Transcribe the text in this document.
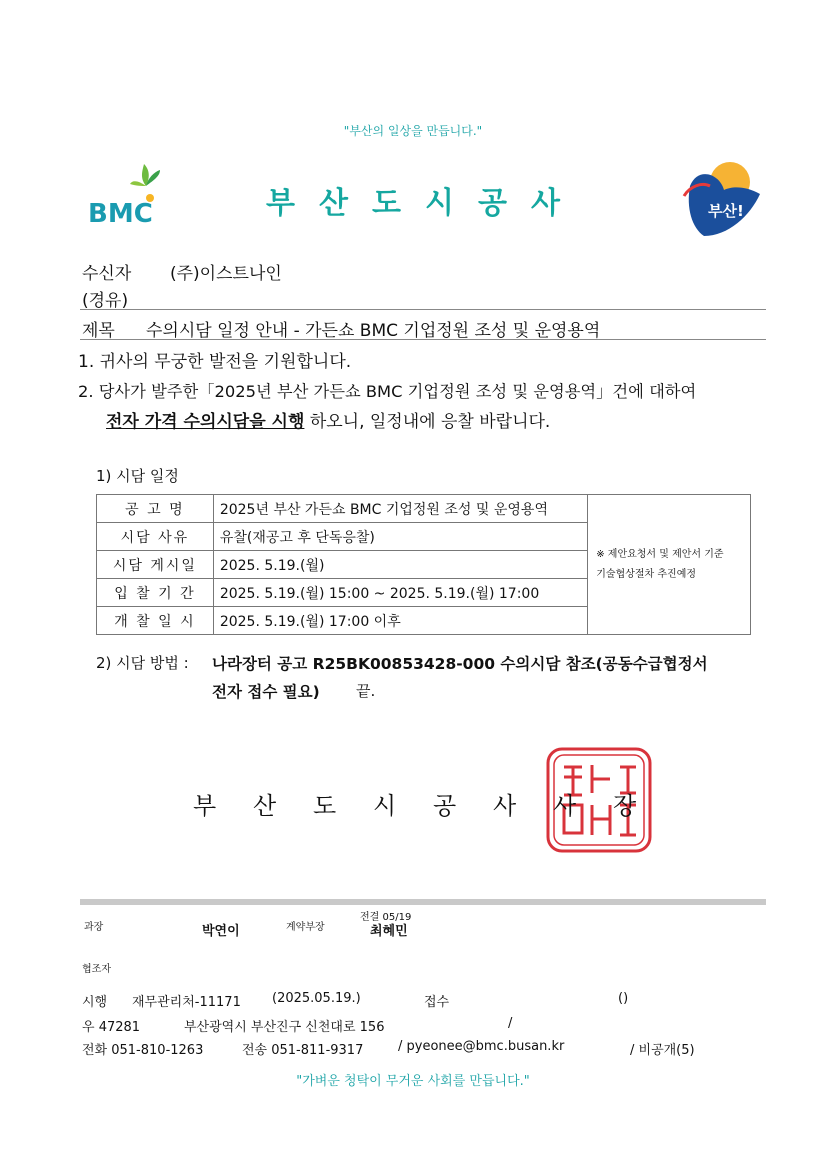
"부산의 일상을 만듭니다."
BMC	부산도시공사	부산!
수신자 (주)이스트나인
(경유)
제목 수의시담 일정 안내 - 가든쇼 BMC 기업정원 조성 및 운영용역
1. 귀사의 무궁한 발전을 기원합니다.
2. 당사가 발주한「2025년 부산 가든쇼 BMC 기업정원 조성 및 운영용역」건에 대하여
전자 가격 수의시담을 시행 하오니, 일정내에 응찰 바랍니다.
1) 시담 일정
공 고 명	2025년 부산 가든쇼 BMC 기업정원 조성 및 운영용역	※ 제안요청서 및 제안서 기준
기술협상절차 추진예정

시담 사유	유찰(재공고 후 단독응찰)	
시담 게시일	2025. 5.19.(월)	
입 찰 기 간	2025. 5.19.(월) 15:00 ~ 2025. 5.19.(월) 17:00	
개 찰 일 시	2025. 5.19.(월) 17:00 이후	
2) 시담 방법 : 나라장터 공고 R25BK00853428-000 수의시담 참조(공동수급협정서
전자 접수 필요) 끝.
부 산 도 시 공 사 사 장
과장	박연이	계약부장
전결 05/19
최혜민
협조자
시행 재무관리처-11171 (2025.05.19.)	접수	()
우 47281	부산광역시 부산진구 신천대로 156	/
전화 051-810-1263	전송 051-811-9317	/ pyeonee@bmc.busan.kr	/ 비공개(5)
"가벼운 청탁이 무거운 사회를 만듭니다."
